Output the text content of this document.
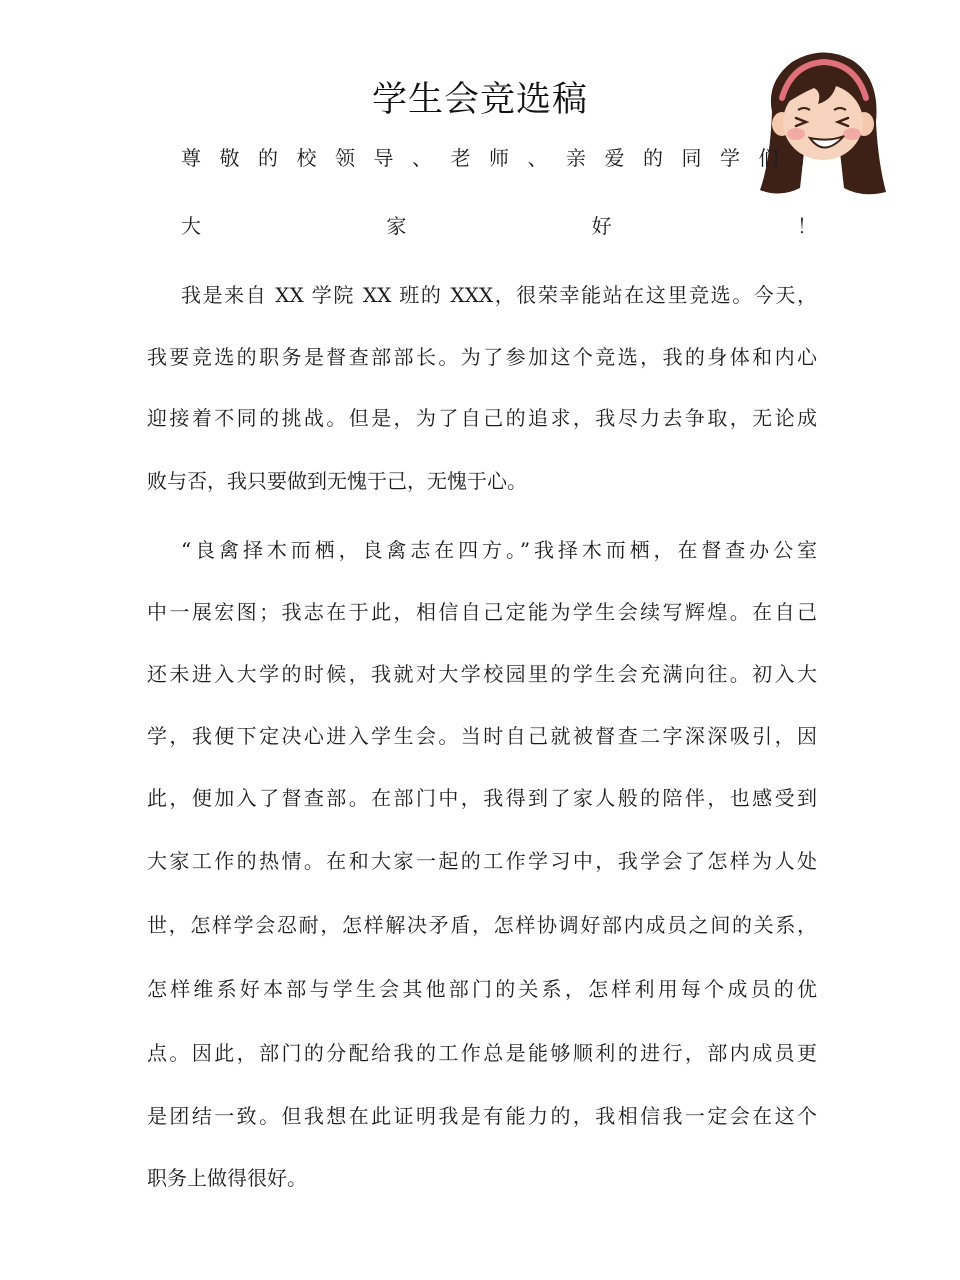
学生会竞选稿
尊敬的校领导、老师、亲爱的同学们：
大家好！
我是来自 XX 学院 XX 班的 XXX，很荣幸能站在这里竞选。今天，
我要竞选的职务是督查部部长。为了参加这个竞选，我的身体和内心
迎接着不同的挑战。但是，为了自己的追求，我尽力去争取，无论成
败与否，我只要做到无愧于己，无愧于心。
“良禽择木而栖，良禽志在四方。”我择木而栖，在督查办公室
中一展宏图；我志在于此，相信自己定能为学生会续写辉煌。在自己
还未进入大学的时候，我就对大学校园里的学生会充满向往。初入大
学，我便下定决心进入学生会。当时自己就被督查二字深深吸引，因
此，便加入了督查部。在部门中，我得到了家人般的陪伴，也感受到
大家工作的热情。在和大家一起的工作学习中，我学会了怎样为人处
世，怎样学会忍耐，怎样解决矛盾，怎样协调好部内成员之间的关系，
怎样维系好本部与学生会其他部门的关系，怎样利用每个成员的优
点。因此，部门的分配给我的工作总是能够顺利的进行，部内成员更
是团结一致。但我想在此证明我是有能力的，我相信我一定会在这个
职务上做得很好。
